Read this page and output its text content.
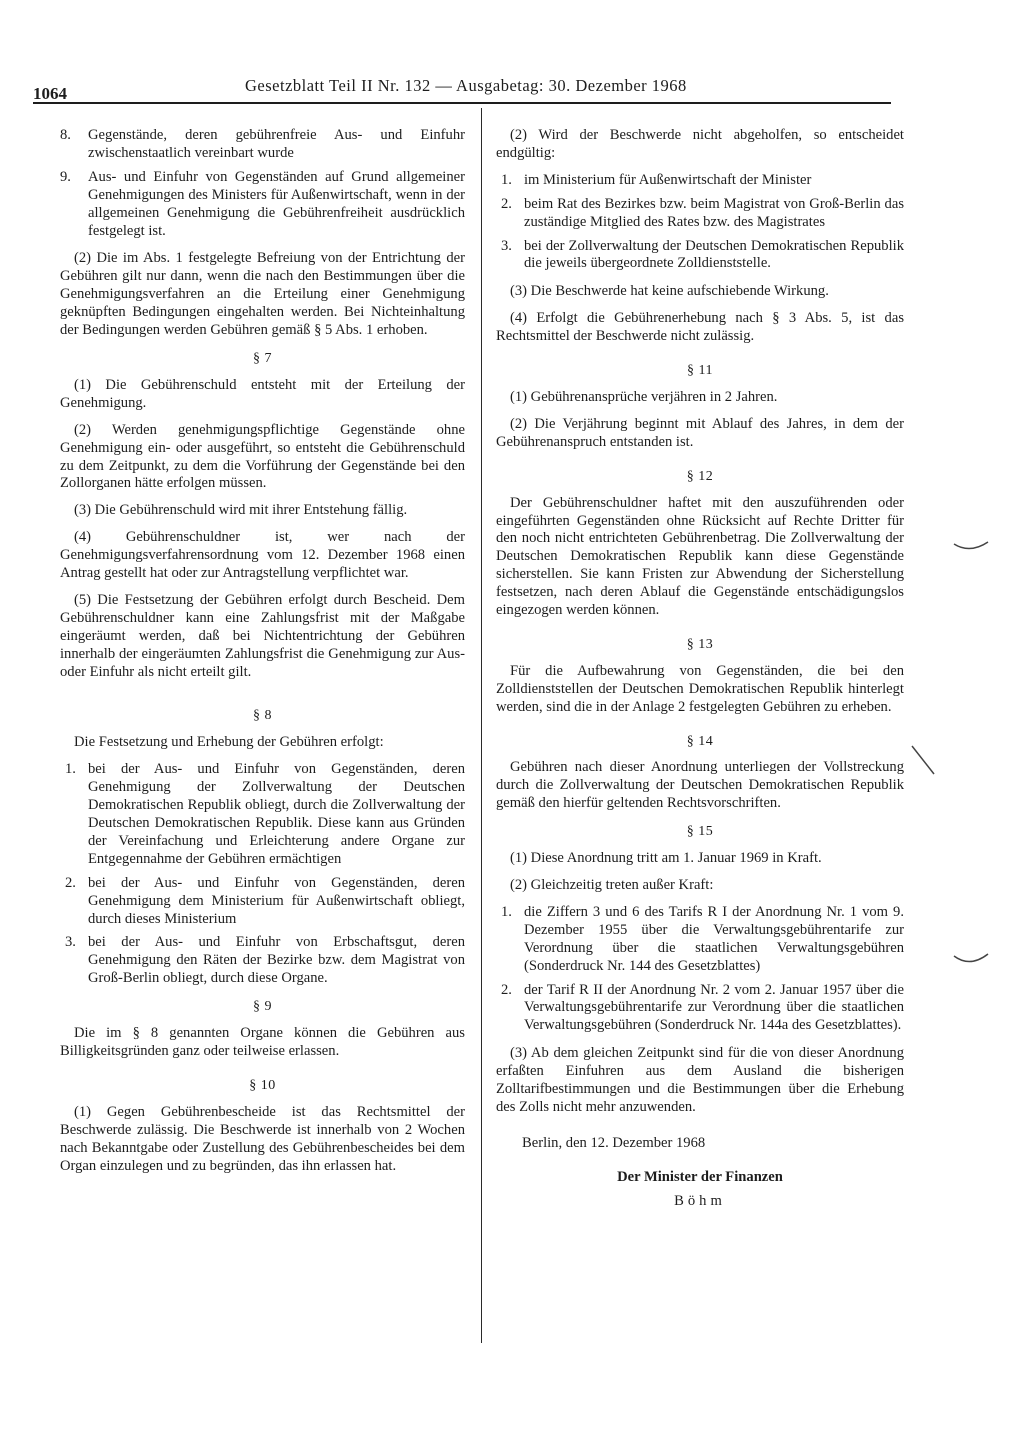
1064	Gesetzblatt Teil II Nr. 132 — Ausgabetag: 30. Dezember 1968
8. Gegenstände, deren gebührenfreie Aus- und Einfuhr zwischenstaatlich vereinbart wurde
9. Aus- und Einfuhr von Gegenständen auf Grund allgemeiner Genehmigungen des Ministers für Außenwirtschaft, wenn in der allgemeinen Genehmigung die Gebührenfreiheit ausdrücklich festgelegt ist.

(2) Die im Abs. 1 festgelegte Befreiung von der Entrichtung der Gebühren gilt nur dann, wenn die nach den Bestimmungen über die Genehmigungsverfahren an die Erteilung einer Genehmigung geknüpften Bedingungen eingehalten werden. Bei Nichteinhaltung der Bedingungen werden Gebühren gemäß § 5 Abs. 1 erhoben.

§ 7

(1) Die Gebührenschuld entsteht mit der Erteilung der Genehmigung.

(2) Werden genehmigungspflichtige Gegenstände ohne Genehmigung ein- oder ausgeführt, so entsteht die Gebührenschuld zu dem Zeitpunkt, zu dem die Vorführung der Gegenstände bei den Zollorganen hätte erfolgen müssen.

(3) Die Gebührenschuld wird mit ihrer Entstehung fällig.

(4) Gebührenschuldner ist, wer nach der Genehmigungsverfahrensordnung vom 12. Dezember 1968 einen Antrag gestellt hat oder zur Antragstellung verpflichtet war.

(5) Die Festsetzung der Gebühren erfolgt durch Bescheid. Dem Gebührenschuldner kann eine Zahlungsfrist mit der Maßgabe eingeräumt werden, daß bei Nichtentrichtung der Gebühren innerhalb der eingeräumten Zahlungsfrist die Genehmigung zur Aus- oder Einfuhr als nicht erteilt gilt.

§ 8

Die Festsetzung und Erhebung der Gebühren erfolgt:

1. bei der Aus- und Einfuhr von Gegenständen, deren Genehmigung der Zollverwaltung der Deutschen Demokratischen Republik obliegt, durch die Zollverwaltung der Deutschen Demokratischen Republik. Diese kann aus Gründen der Vereinfachung und Erleichterung andere Organe zur Entgegennahme der Gebühren ermächtigen
2. bei der Aus- und Einfuhr von Gegenständen, deren Genehmigung dem Ministerium für Außenwirtschaft obliegt, durch dieses Ministerium
3. bei der Aus- und Einfuhr von Erbschaftsgut, deren Genehmigung den Räten der Bezirke bzw. dem Magistrat von Groß-Berlin obliegt, durch diese Organe.
§ 9

Die im § 8 genannten Organe können die Gebühren aus Billigkeitsgründen ganz oder teilweise erlassen.

§ 10

(1) Gegen Gebührenbescheide ist das Rechtsmittel der Beschwerde zulässig. Die Beschwerde ist innerhalb von 2 Wochen nach Bekanntgabe oder Zustellung des Gebührenbescheides bei dem Organ einzulegen und zu begründen, das ihn erlassen hat.

(2) Wird der Beschwerde nicht abgeholfen, so entscheidet endgültig:

1. im Ministerium für Außenwirtschaft der Minister
2. beim Rat des Bezirkes bzw. beim Magistrat von Groß-Berlin das zuständige Mitglied des Rates bzw. des Magistrates
3. bei der Zollverwaltung der Deutschen Demokratischen Republik die jeweils übergeordnete Zolldienststelle.

(3) Die Beschwerde hat keine aufschiebende Wirkung.

(4) Erfolgt die Gebührenerhebung nach § 3 Abs. 5, ist das Rechtsmittel der Beschwerde nicht zulässig.

§ 11

(1) Gebührenansprüche verjähren in 2 Jahren.

(2) Die Verjährung beginnt mit Ablauf des Jahres, in dem der Gebührenanspruch entstanden ist.

§ 12

Der Gebührenschuldner haftet mit den auszuführenden oder eingeführten Gegenständen ohne Rücksicht auf Rechte Dritter für den noch nicht entrichteten Gebührenbetrag. Die Zollverwaltung der Deutschen Demokratischen Republik kann diese Gegenstände sicherstellen. Sie kann Fristen zur Abwendung der Sicherstellung festsetzen, nach deren Ablauf die Gegenstände entschädigungslos eingezogen werden können.

§ 13

Für die Aufbewahrung von Gegenständen, die bei den Zolldienststellen der Deutschen Demokratischen Republik hinterlegt werden, sind die in der Anlage 2 festgelegten Gebühren zu erheben.

§ 14

Gebühren nach dieser Anordnung unterliegen der Vollstreckung durch die Zollverwaltung der Deutschen Demokratischen Republik gemäß den hierfür geltenden Rechtsvorschriften.

§ 15

(1) Diese Anordnung tritt am 1. Januar 1969 in Kraft.

(2) Gleichzeitig treten außer Kraft:

1. die Ziffern 3 und 6 des Tarifs R I der Anordnung Nr. 1 vom 9. Dezember 1955 über die Verwaltungsgebührentarife zur Verordnung über die staatlichen Verwaltungsgebühren (Sonderdruck Nr. 144 des Gesetzblattes)
2. der Tarif R II der Anordnung Nr. 2 vom 2. Januar 1957 über die Verwaltungsgebührentarife zur Verordnung über die staatlichen Verwaltungsgebühren (Sonderdruck Nr. 144a des Gesetzblattes).

(3) Ab dem gleichen Zeitpunkt sind für die von dieser Anordnung erfaßten Einfuhren aus dem Ausland die bisherigen Zolltarifbestimmungen und die Bestimmungen über die Erhebung des Zolls nicht mehr anzuwenden.

Berlin, den 12. Dezember 1968

Der Minister der Finanzen
Böhm
